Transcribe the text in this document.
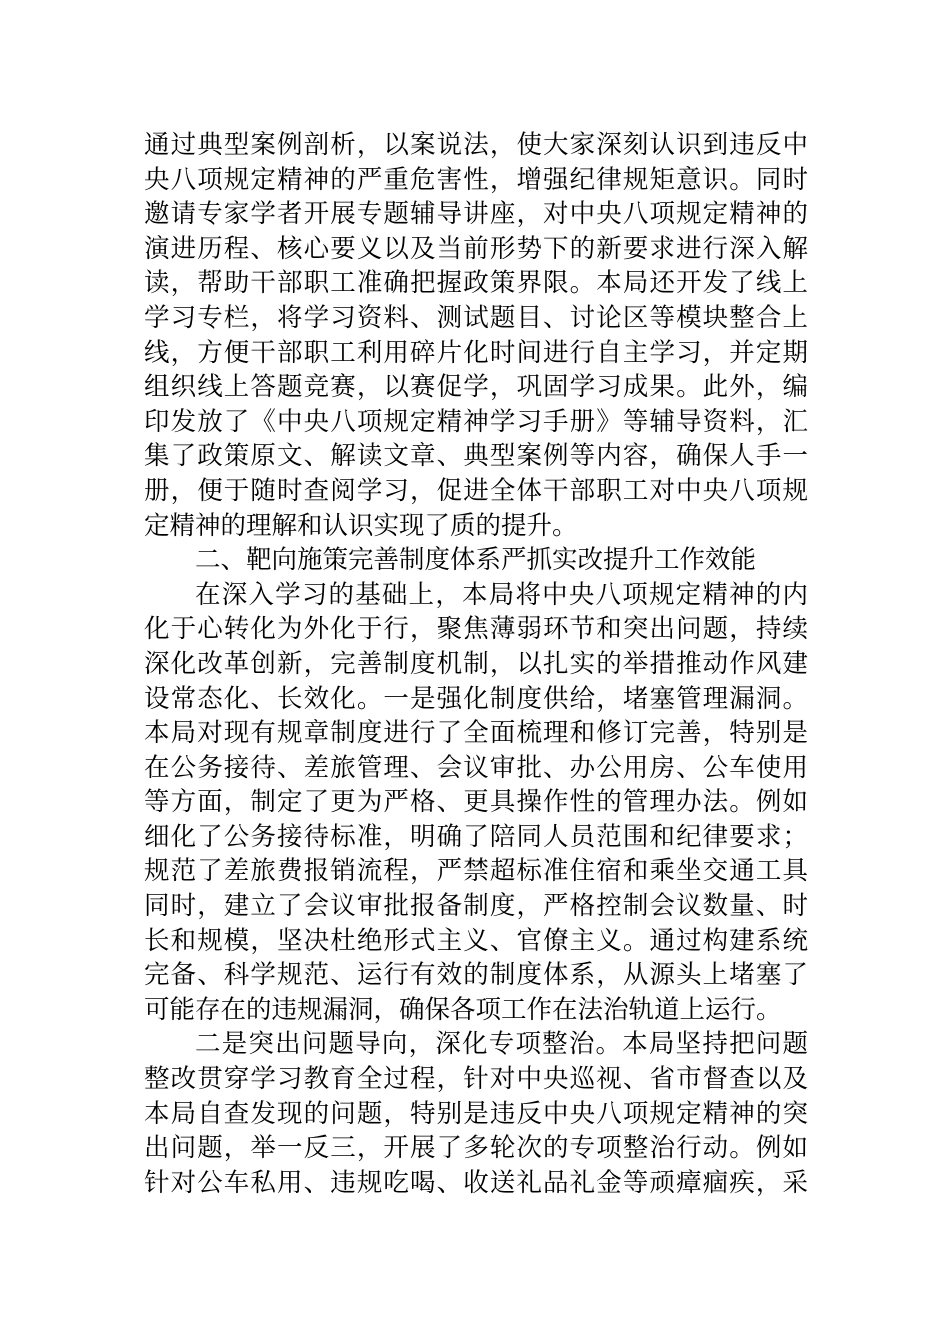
通过典型案例剖析，以案说法，使大家深刻认识到违反中
央八项规定精神的严重危害性，增强纪律规矩意识。同时
邀请专家学者开展专题辅导讲座，对中央八项规定精神的
演进历程、核心要义以及当前形势下的新要求进行深入解
读，帮助干部职工准确把握政策界限。本局还开发了线上
学习专栏，将学习资料、测试题目、讨论区等模块整合上
线，方便干部职工利用碎片化时间进行自主学习，并定期
组织线上答题竞赛，以赛促学，巩固学习成果。此外，编
印发放了《中央八项规定精神学习手册》等辅导资料，汇
集了政策原文、解读文章、典型案例等内容，确保人手一
册，便于随时查阅学习，促进全体干部职工对中央八项规
定精神的理解和认识实现了质的提升。
二、靶向施策完善制度体系严抓实改提升工作效能
在深入学习的基础上，本局将中央八项规定精神的内
化于心转化为外化于行，聚焦薄弱环节和突出问题，持续
深化改革创新，完善制度机制，以扎实的举措推动作风建
设常态化、长效化。一是强化制度供给，堵塞管理漏洞。
本局对现有规章制度进行了全面梳理和修订完善，特别是
在公务接待、差旅管理、会议审批、办公用房、公车使用
等方面，制定了更为严格、更具操作性的管理办法。例如
细化了公务接待标准，明确了陪同人员范围和纪律要求；
规范了差旅费报销流程，严禁超标准住宿和乘坐交通工具
同时，建立了会议审批报备制度，严格控制会议数量、时
长和规模，坚决杜绝形式主义、官僚主义。通过构建系统
完备、科学规范、运行有效的制度体系，从源头上堵塞了
可能存在的违规漏洞，确保各项工作在法治轨道上运行。
二是突出问题导向，深化专项整治。本局坚持把问题
整改贯穿学习教育全过程，针对中央巡视、省市督查以及
本局自查发现的问题，特别是违反中央八项规定精神的突
出问题，举一反三，开展了多轮次的专项整治行动。例如
针对公车私用、违规吃喝、收送礼品礼金等顽瘴痼疾，采
